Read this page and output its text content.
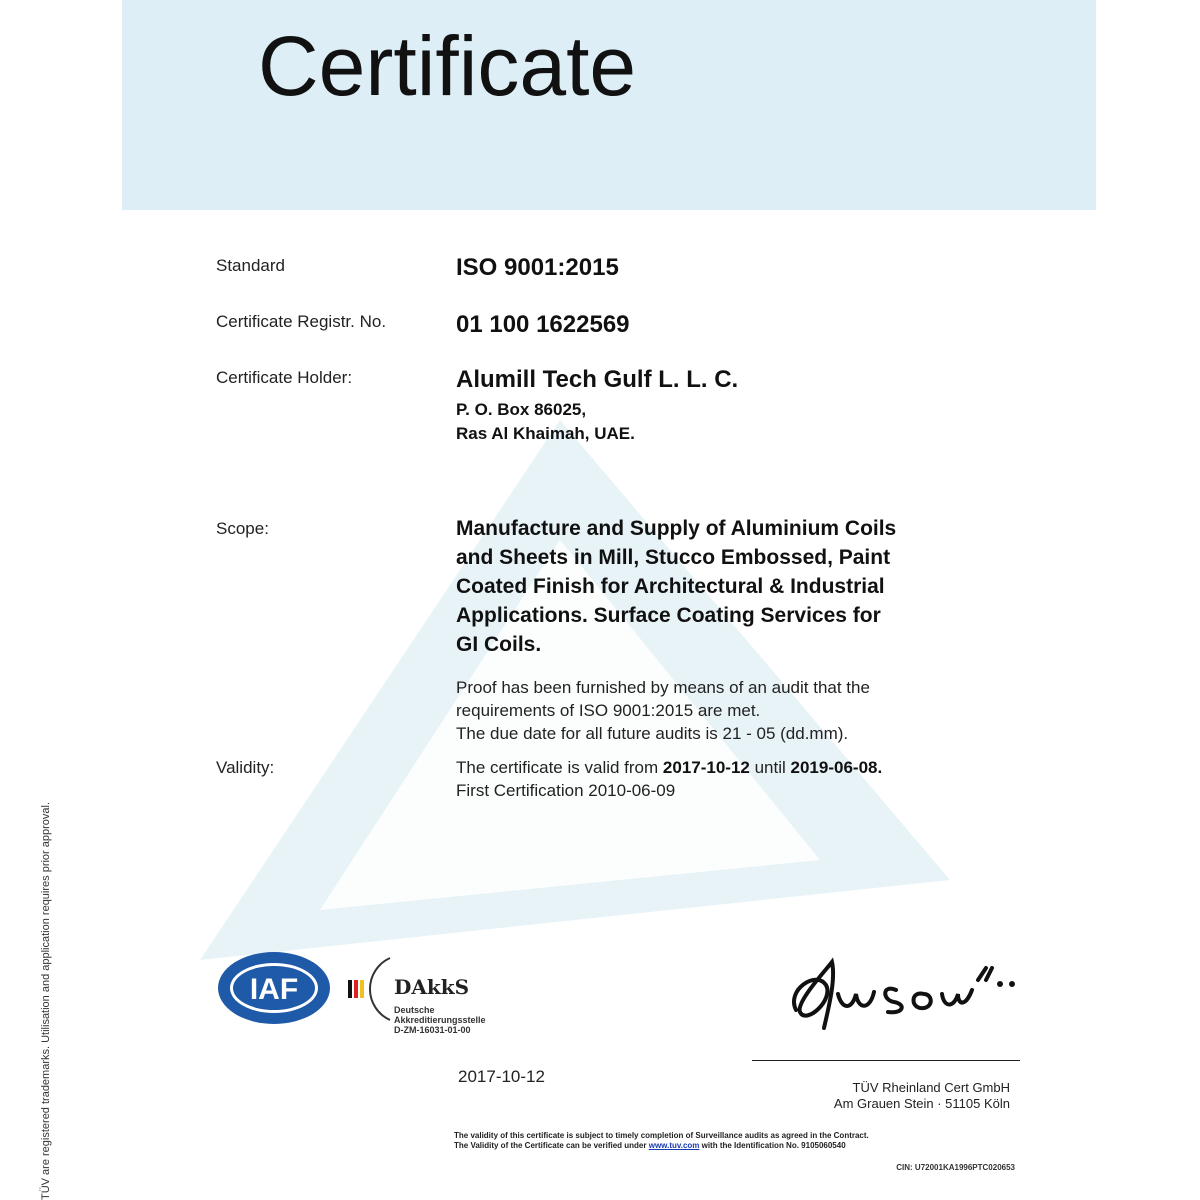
Certificate
TÜV are registered trademarks. Utilisation and application requires prior approval.
Standard	ISO 9001:2015
Certificate Registr. No.	01 100 1622569
Certificate Holder:	Alumill Tech Gulf L. L. C.
P. O. Box 86025,
Ras Al Khaimah, UAE.
Scope:	Manufacture and Supply of Aluminium Coils
and Sheets in Mill, Stucco Embossed, Paint
Coated Finish for Architectural & Industrial
Applications. Surface Coating Services for
GI Coils.
Proof has been furnished by means of an audit that the
requirements of ISO 9001:2015 are met.
The due date for all future audits is 21 - 05 (dd.mm).
Validity:	The certificate is valid from 2017-10-12 until 2019-06-08.
First Certification 2010-06-09
IAF	DAkkS
Deutsche
Akkreditierungsstelle
D-ZM-16031-01-00
2017-10-12
TÜV Rheinland Cert GmbH
Am Grauen Stein · 51105 Köln
The validity of this certificate is subject to timely completion of Surveillance audits as agreed in the Contract.
The Validity of the Certificate can be verified under www.tuv.com with the Identification No. 9105060540
CIN: U72001KA1996PTC020653
